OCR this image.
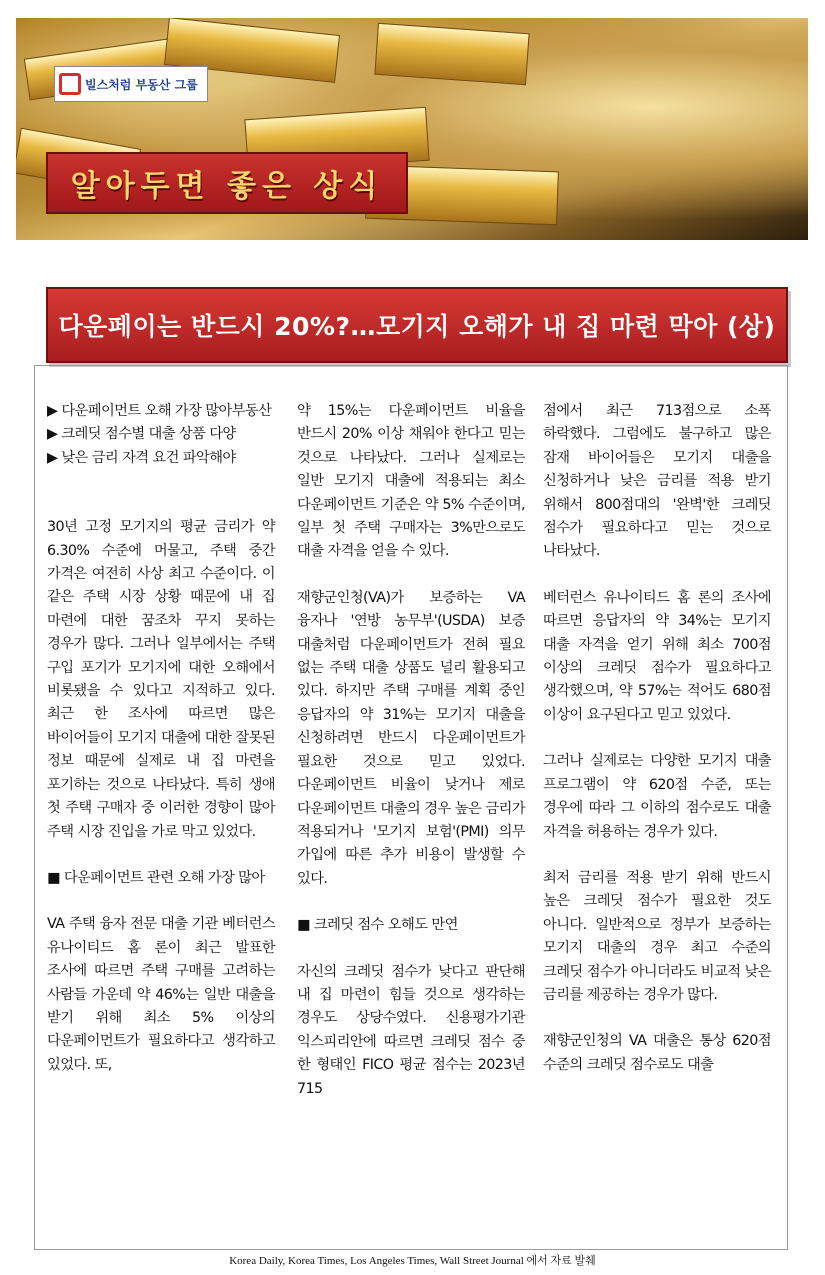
빌스처럼 부동산 그룹
알아두면 좋은 상식
다운페이는 반드시 20%?…모기지 오해가 내 집 마련 막아 (상)

▶ 다운페이먼트 오해 가장 많아부동산

▶ 크레딧 점수별 대출 상품 다양

▶ 낮은 금리 자격 요건 파악해야

30년 고정 모기지의 평균 금리가 약 6.30% 수준에 머물고, 주택 중간 가격은 여전히 사상 최고 수준이다. 이 같은 주택 시장 상황 때문에 내 집 마련에 대한 꿈조차 꾸지 못하는 경우가 많다. 그러나 일부에서는 주택 구입 포기가 모기지에 대한 오해에서 비롯됐을 수 있다고 지적하고 있다. 최근 한 조사에 따르면 많은 바이어들이 모기지 대출에 대한 잘못된 정보 때문에 실제로 내 집 마련을 포기하는 것으로 나타났다. 특히 생애 첫 주택 구매자 중 이러한 경향이 많아 주택 시장 진입을 가로 막고 있었다.

■ 다운페이먼트 관련 오해 가장 많아

VA 주택 융자 전문 대출 기관 베터런스 유나이티드 홈 론이 최근 발표한 조사에 따르면 주택 구매를 고려하는 사람들 가운데 약 46%는 일반 대출을 받기 위해 최소 5% 이상의 다운페이먼트가 필요하다고 생각하고 있었다. 또,

약 15%는 다운페이먼트 비율을 반드시 20% 이상 채워야 한다고 믿는 것으로 나타났다. 그러나 실제로는 일반 모기지 대출에 적용되는 최소 다운페이먼트 기준은 약 5% 수준이며, 일부 첫 주택 구매자는 3%만으로도 대출 자격을 얻을 수 있다.

재향군인청(VA)가 보증하는 VA 융자나 '연방 농무부'(USDA) 보증 대출처럼 다운페이먼트가 전혀 필요 없는 주택 대출 상품도 널리 활용되고 있다. 하지만 주택 구매를 계획 중인 응답자의 약 31%는 모기지 대출을 신청하려면 반드시 다운페이먼트가 필요한 것으로 믿고 있었다. 다운페이먼트 비율이 낮거나 제로 다운페이먼트 대출의 경우 높은 금리가 적용되거나 '모기지 보험'(PMI) 의무 가입에 따른 추가 비용이 발생할 수 있다.

■ 크레딧 점수 오해도 만연

자신의 크레딧 점수가 낮다고 판단해 내 집 마련이 힘들 것으로 생각하는 경우도 상당수였다. 신용평가기관 익스피리안에 따르면 크레딧 점수 중 한 형태인 FICO 평균 점수는 2023년 715

점에서 최근 713점으로 소폭 하락했다. 그럼에도 불구하고 많은 잠재 바이어들은 모기지 대출을 신청하거나 낮은 금리를 적용 받기 위해서 800점대의 '완벽'한 크레딧 점수가 필요하다고 믿는 것으로 나타났다.

베터런스 유나이티드 홈 론의 조사에 따르면 응답자의 약 34%는 모기지 대출 자격을 얻기 위해 최소 700점 이상의 크레딧 점수가 필요하다고 생각했으며, 약 57%는 적어도 680점 이상이 요구된다고 믿고 있었다.

그러나 실제로는 다양한 모기지 대출 프로그램이 약 620점 수준, 또는 경우에 따라 그 이하의 점수로도 대출 자격을 허용하는 경우가 있다.

최저 금리를 적용 받기 위해 반드시 높은 크레딧 점수가 필요한 것도 아니다. 일반적으로 정부가 보증하는 모기지 대출의 경우 최고 수준의 크레딧 점수가 아니더라도 비교적 낮은 금리를 제공하는 경우가 많다.

재향군인청의 VA 대출은 통상 620점 수준의 크레딧 점수로도 대출

Korea Daily, Korea Times, Los Angeles Times, Wall Street Journal 에서 자료 발췌
